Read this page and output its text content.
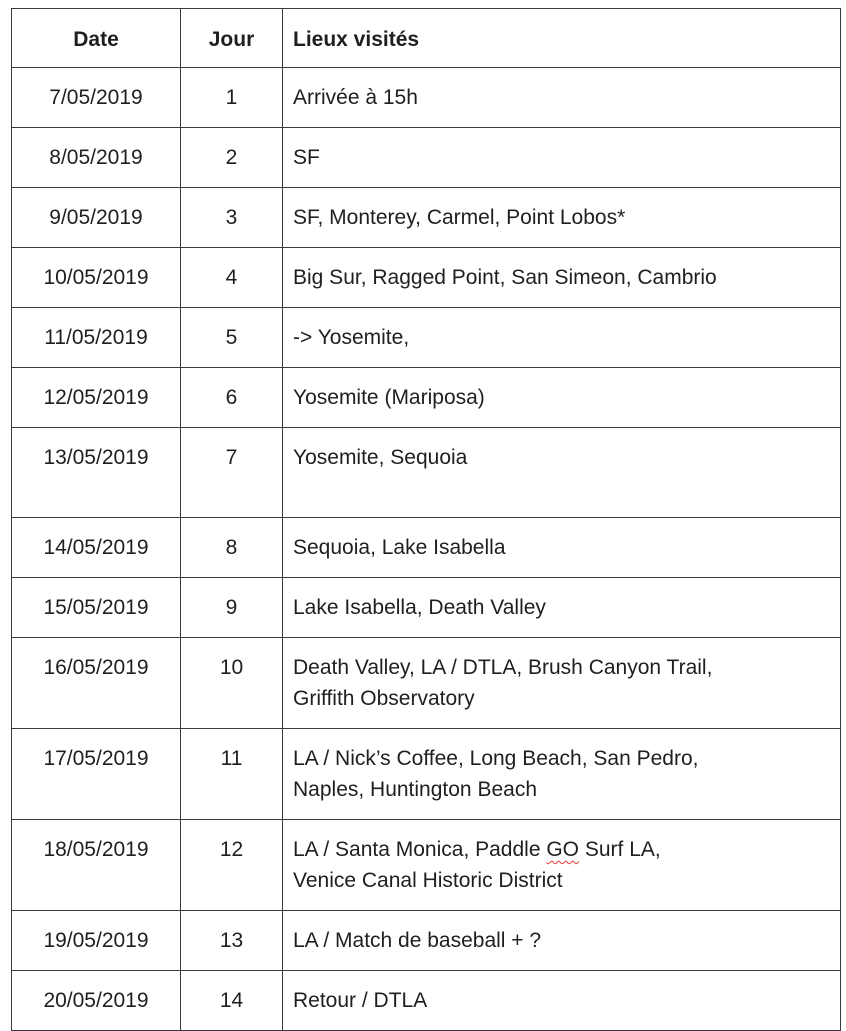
Date	Jour	Lieux visités
7/05/2019	1	Arrivée à 15h
8/05/2019	2	SF
9/05/2019	3	SF, Monterey, Carmel, Point Lobos*
10/05/2019	4	Big Sur, Ragged Point, San Simeon, Cambrio
11/05/2019	5	-> Yosemite,
12/05/2019	6	Yosemite (Mariposa)
13/05/2019	7	Yosemite, Sequoia
14/05/2019	8	Sequoia, Lake Isabella
15/05/2019	9	Lake Isabella, Death Valley
16/05/2019	10	Death Valley, LA / DTLA, Brush Canyon Trail,
Griffith Observatory
17/05/2019	11	LA / Nick’s Coffee, Long Beach, San Pedro,
Naples, Huntington Beach
18/05/2019	12	LA / Santa Monica, Paddle GO Surf LA,
Venice Canal Historic District
19/05/2019	13	LA / Match de baseball + ?
20/05/2019	14	Retour / DTLA
